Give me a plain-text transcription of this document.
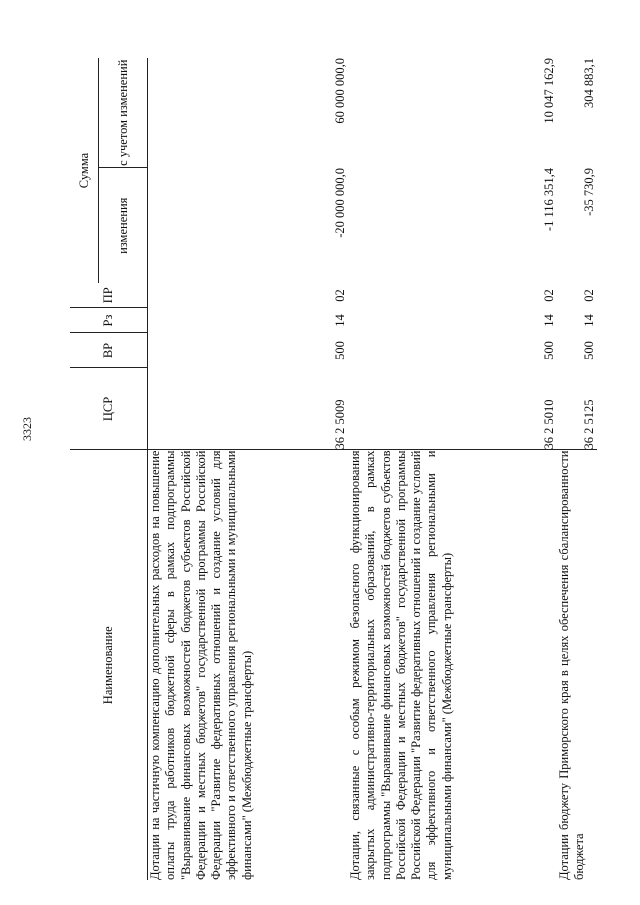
3323
Наименование	ЦСР	ВР	Рз	ПР	Сумма	
					изменения	с учетом изменений
Дотации на частичную компенсацию дополнительных расходов на повышение оплаты труда работников бюджетной сферы в рамках подпрограммы "Выравнивание финансовых возможностей бюджетов субъектов Российской Федерации и местных бюджетов" государственной программы Российской Федерации "Развитие федеративных отношений и создание условий для эффективного и ответственного управления региональными и муниципальными финансами" (Межбюджетные трансферты)	36 2 5009	500	14	02	-20 000 000,0	60 000 000,0
Дотации, связанные с особым режимом безопасного функционирования закрытых административно-территориальных образований, в рамках подпрограммы "Выравнивание финансовых возможностей бюджетов субъектов Российской Федерации и местных бюджетов" государственной программы Российской Федерации "Развитие федеративных отношений и создание условий для эффективного и ответственного управления региональными и муниципальными финансами" (Межбюджетные трансферты)	36 2 5010	500	14	02	-1 116 351,4	10 047 162,9
Дотации бюджету Приморского края в целях обеспечения сбалансированности бюджета	36 2 5125	500	14	02	-35 730,9	304 883,1
